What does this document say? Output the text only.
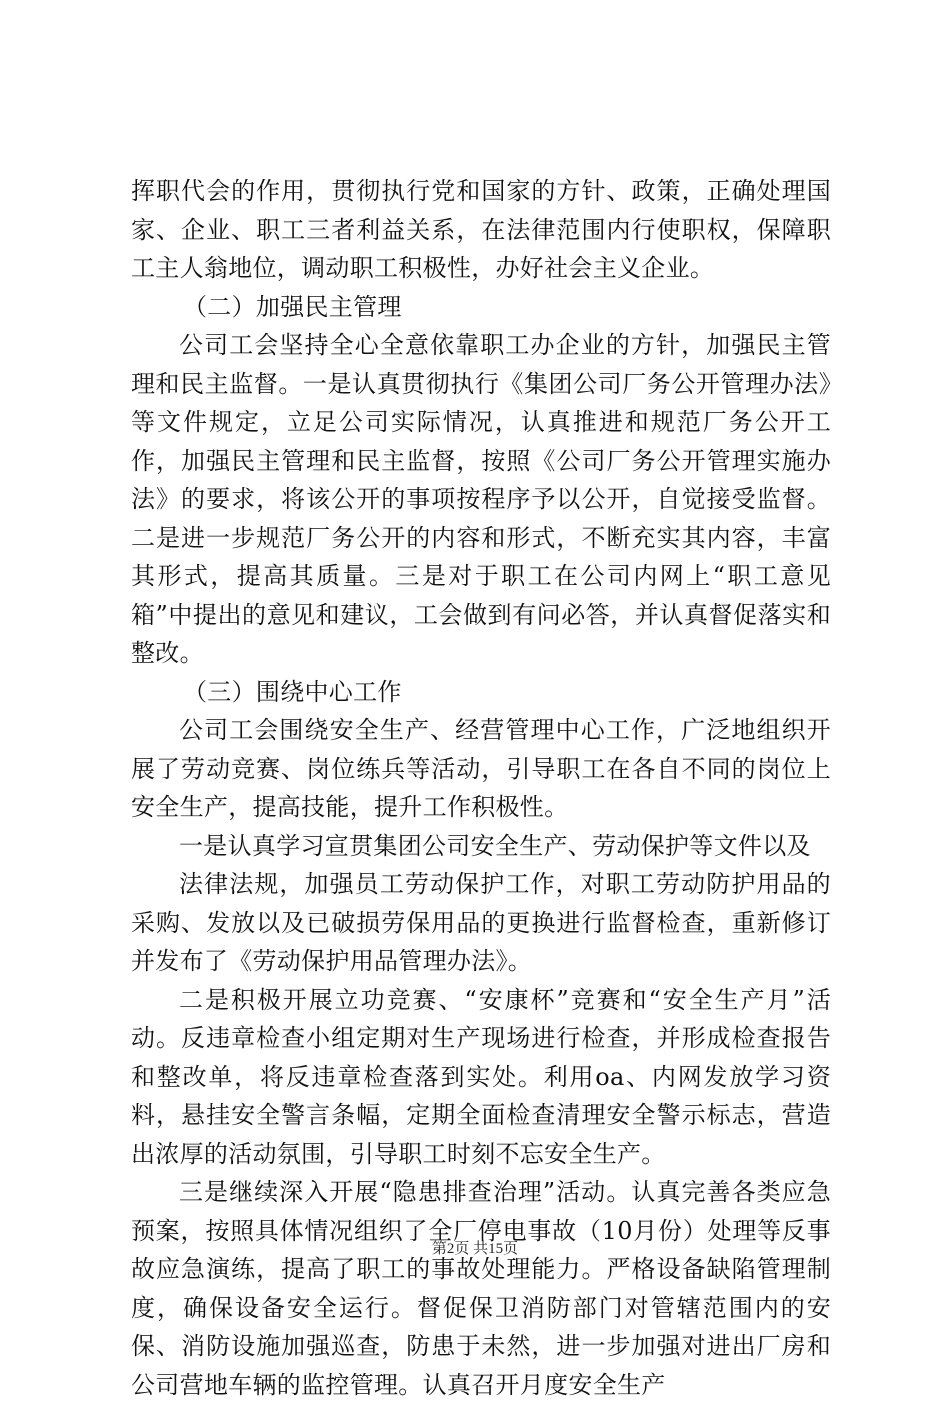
挥职代会的作用，贯彻执行党和国家的方针、政策，正确处理国家、企业、职工三者利益关系，在法律范围内行使职权，保障职工主人翁地位，调动职工积极性，办好社会主义企业。

（二）加强民主管理

公司工会坚持全心全意依靠职工办企业的方针，加强民主管理和民主监督。一是认真贯彻执行《集团公司厂务公开管理办法》等文件规定，立足公司实际情况，认真推进和规范厂务公开工作，加强民主管理和民主监督，按照《公司厂务公开管理实施办法》的要求，将该公开的事项按程序予以公开，自觉接受监督。二是进一步规范厂务公开的内容和形式，不断充实其内容，丰富其形式，提高其质量。三是对于职工在公司内网上“职工意见箱”中提出的意见和建议，工会做到有问必答，并认真督促落实和整改。

（三）围绕中心工作

公司工会围绕安全生产、经营管理中心工作，广泛地组织开展了劳动竞赛、岗位练兵等活动，引导职工在各自不同的岗位上安全生产，提高技能，提升工作积极性。

一是认真学习宣贯集团公司安全生产、劳动保护等文件以及

法律法规，加强员工劳动保护工作，对职工劳动防护用品的采购、发放以及已破损劳保用品的更换进行监督检查，重新修订并发布了《劳动保护用品管理办法》。

二是积极开展立功竞赛、“安康杯”竞赛和“安全生产月”活动。反违章检查小组定期对生产现场进行检查，并形成检查报告和整改单，将反违章检查落到实处。利用oa、内网发放学习资料，悬挂安全警言条幅，定期全面检查清理安全警示标志，营造出浓厚的活动氛围，引导职工时刻不忘安全生产。

三是继续深入开展“隐患排查治理”活动。认真完善各类应急预案，按照具体情况组织了全厂停电事故（10月份）处理等反事故应急演练，提高了职工的事故处理能力。严格设备缺陷管理制度，确保设备安全运行。督促保卫消防部门对管辖范围内的安保、消防设施加强巡查，防患于未然，进一步加强对进出厂房和公司营地车辆的监控管理。认真召开月度安全生产

第2页 共15页
